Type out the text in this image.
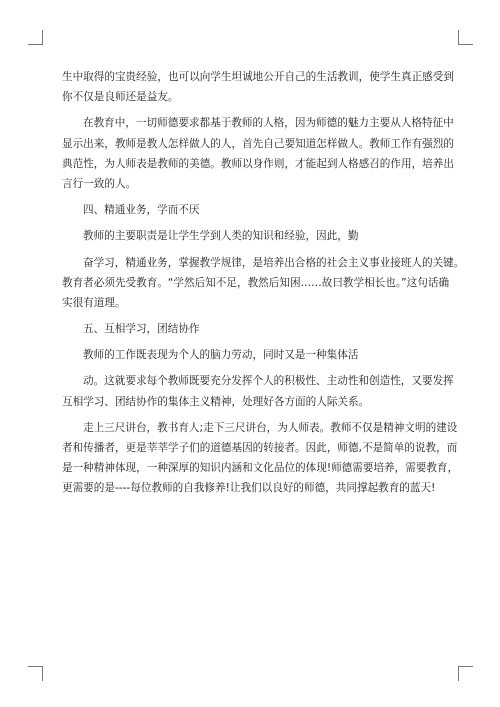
生中取得的宝贵经验，也可以向学生坦诚地公开自己的生活教训，使学生真正感受到
你不仅是良师还是益友。
在教育中，一切师德要求都基于教师的人格，因为师德的魅力主要从人格特征中
显示出来，教师是教人怎样做人的人，首先自己要知道怎样做人。教师工作有强烈的
典范性，为人师表是教师的美德。教师以身作则，才能起到人格感召的作用，培养出
言行一致的人。
四、精通业务，学而不厌
教师的主要职责是让学生学到人类的知识和经验，因此，勤
奋学习，精通业务，掌握教学规律，是培养出合格的社会主义事业接班人的关键。
教育者必须先受教育。“学然后知不足，教然后知困……故曰教学相长也。”这句话确
实很有道理。
五、互相学习，团结协作
教师的工作既表现为个人的脑力劳动，同时又是一种集体活
动。这就要求每个教师既要充分发挥个人的积极性、主动性和创造性，又要发挥
互相学习、团结协作的集体主义精神，处理好各方面的人际关系。
走上三尺讲台，教书育人;走下三尺讲台，为人师表。教师不仅是精神文明的建设
者和传播者，更是莘莘学子们的道德基因的转接者。因此，师德,不是简单的说教，而
是一种精神体现，一种深厚的知识内涵和文化品位的体现!师德需要培养，需要教育，
更需要的是----每位教师的自我修养!让我们以良好的师德，共同撑起教育的蓝天!
